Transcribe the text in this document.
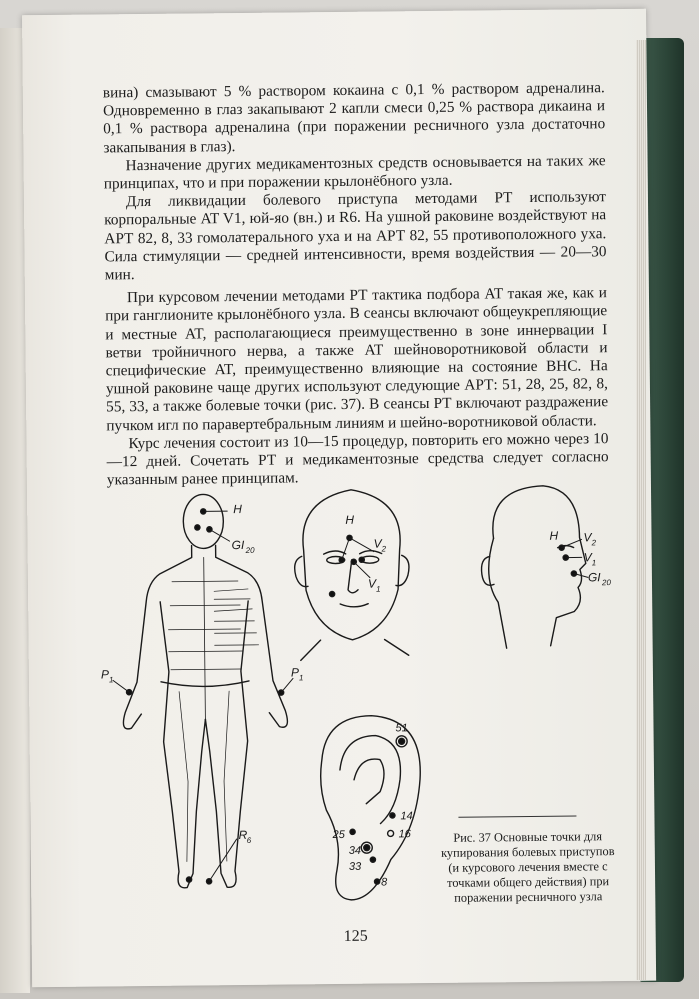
вина) смазывают 5 % раствором кокаина с 0,1 % раствором адреналина. Одновременно в глаз закапывают 2 капли смеси 0,25 % раствора дикаина и 0,1 % раствора адреналина (при поражении ресничного узла достаточно закапывания в глаз).

Назначение других медикаментозных средств основывается на таких же принципах, что и при поражении крылонёбного узла.

Для ликвидации болевого приступа методами РТ используют корпоральные AT V1, юй-яо (вн.) и R6. На ушной раковине воздействуют на АРТ 82, 8, 33 гомолатерального уха и на АРТ 82, 55 противоположного уха. Сила стимуляции — средней интенсивности, время воздействия — 20—30 мин.

При курсовом лечении методами РТ тактика подбора AT такая же, как и при ганглионите крылонёбного узла. В сеансы включают общеукрепляющие и местные AT, располагающиеся преимущественно в зоне иннервации I ветви тройничного нерва, а также AT шейноворотниковой области и специфические AT, преимущественно влияющие на состояние ВНС. На ушной раковине чаще других используют следующие АРТ: 51, 28, 25, 82, 8, 55, 33, а также болевые точки (рис. 37). В сеансы РТ включают раздражение пучком игл по паравертебральным линиям и шейно-воротниковой области.

Курс лечения состоит из 10—15 процедур, повторить его можно через 10—12 дней. Сочетать РТ и медикаментозные средства следует согласно указанным ранее принципам.

H
GI 20
P 1
P 1
R 6
H
V 2
V 1
H V 2
V 1
GI 20
51
14
25	16
34
33
8
Рис. 37 Основные точки для купирования болевых приступов (и курсового лечения вместе с точками общего действия) при поражении ресничного узла
125
